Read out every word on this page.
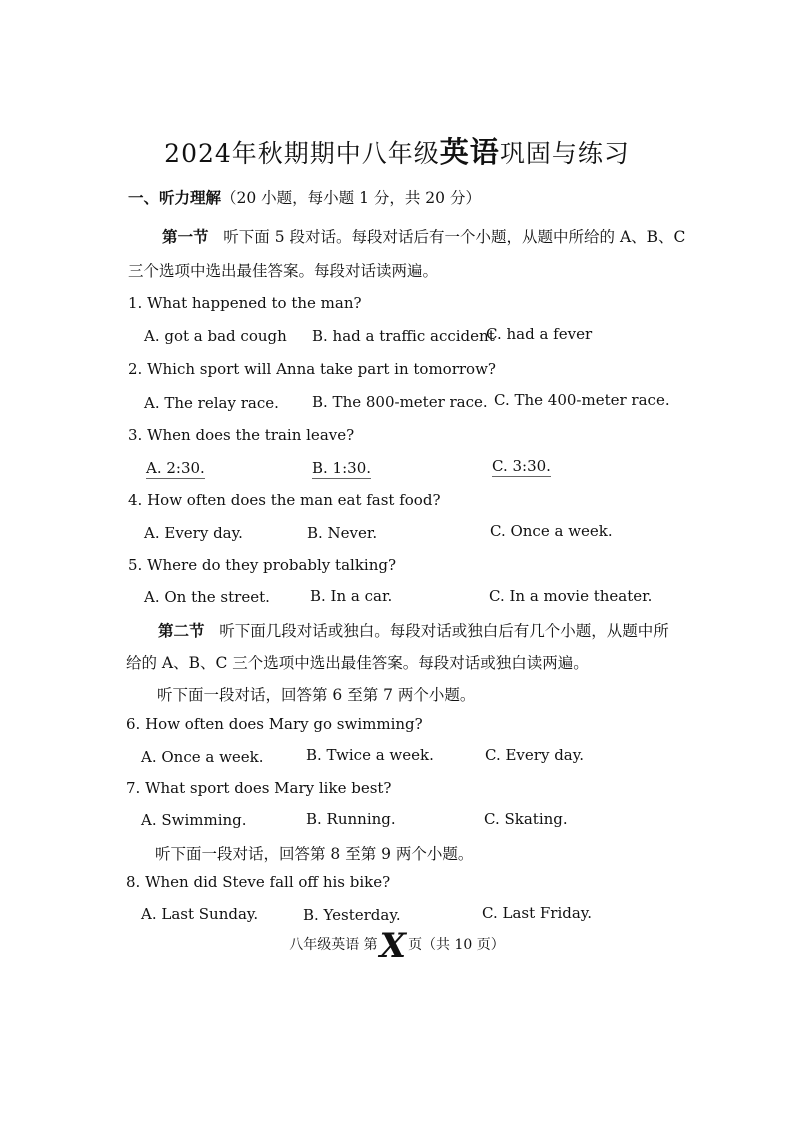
2024年秋期期中八年级英语巩固与练习
一、听力理解（20 小题，每小题 1 分，共 20 分）
第一节 听下面 5 段对话。每段对话后有一个小题，从题中所给的 A、B、C
三个选项中选出最佳答案。每段对话读两遍。
1. What happened to the man?
A. got a bad cough B. had a traffic accident
C. had a fever
2. Which sport will Anna take part in tomorrow?
A. The relay race. B. The 800-meter race. C. The 400-meter race.
3. When does the train leave?
A. 2:30.	B. 1:30.	C. 3:30.
4. How often does the man eat fast food?
A. Every day.	B. Never.	C. Once a week.
5. Where do they probably talking?
A. On the street.	B. In a car.	C. In a movie theater.
第二节 听下面几段对话或独白。每段对话或独白后有几个小题，从题中所
给的 A、B、C 三个选项中选出最佳答案。每段对话或独白读两遍。
听下面一段对话，回答第 6 至第 7 两个小题。
6. How often does Mary go swimming?
A. Once a week.	B. Twice a week.	C. Every day.
7. What sport does Mary like best?
A. Swimming.	B. Running.	C. Skating.
听下面一段对话，回答第 8 至第 9 两个小题。
8. When did Steve fall off his bike?
A. Last Sunday.	B. Yesterday.	C. Last Friday.
八年级英语 第X 页（共 10 页）
